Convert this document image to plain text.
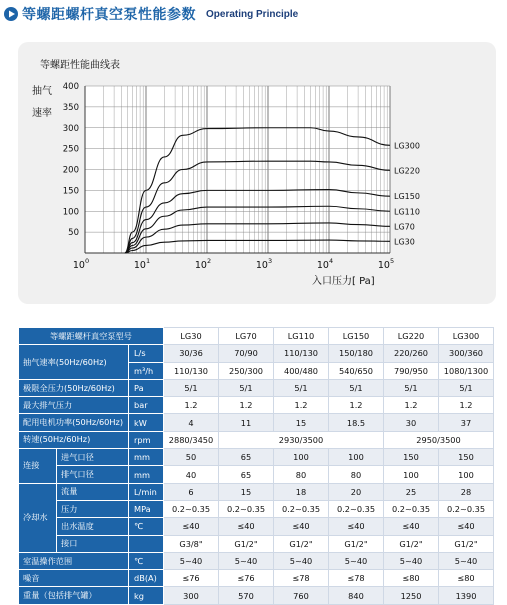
等螺距螺杆真空泵性能参数 Operating Principle
50
100
150
200
250
300
350
400
$10^0$	$10^1$	$10^2$	$10^3$	$10^4$	$10^5$
等螺距性能曲线表
抽气
速率
入口压力[ Pa]
LG300
LG220
LG150
LG110
LG70
LG30
等螺距螺杆真空泵型号			LG30	LG70	LG110	LG150	LG220	LG300
抽气速率(50Hz/60Hz)		L/s	30/36	70/90	110/130	150/180	220/260	300/360
		m³/h	110/130	250/300	400/480	540/650	790/950	1080/1300
极限全压力(50Hz/60Hz)		Pa	5/1	5/1	5/1	5/1	5/1	5/1
最大排气压力		bar	1.2	1.2	1.2	1.2	1.2	1.2
配用电机功率(50Hz/60Hz)		kW	4	11	15	18.5	30	37
转速(50Hz/60Hz)		rpm	2880/3450	2930/3500			2950/3500	
连接	进气口径	mm	50	65	100	100	150	150
	排气口径	mm	40	65	80	80	100	100
冷却水	流量	L/min	6	15	18	20	25	28
	压力	MPa	0.2~0.35	0.2~0.35	0.2~0.35	0.2~0.35	0.2~0.35	0.2~0.35
	出水温度	℃	≤40	≤40	≤40	≤40	≤40	≤40
	接口		G3/8"	G1/2"	G1/2"	G1/2"	G1/2"	G1/2"
室温操作范围		℃	5~40	5~40	5~40	5~40	5~40	5~40
噪音		dB(A)	≤76	≤76	≤78	≤78	≤80	≤80
重量（包括排气罐）		kg	300	570	760	840	1250	1390
